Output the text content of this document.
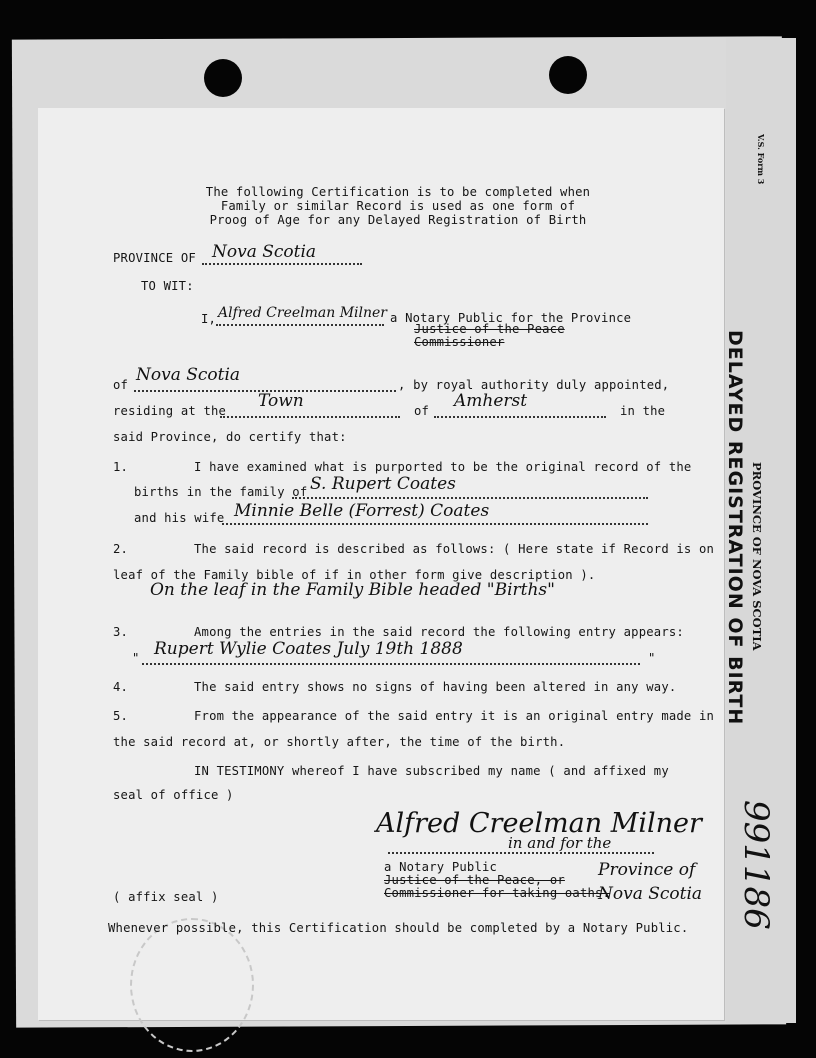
V.S. Form 3
PROVINCE OF NOVA SCOTIA
DELAYED REGISTRATION OF BIRTH
991186
The following Certification is to be completed when
Family or similar Record is used as one form of
Proog of Age for any Delayed Registration of Birth
PROVINCE OF Nova Scotia
TO WIT:
I, Alfred Creelman Milner a Notary Public for the Province
Justice of the Peace
Commissioner
of Nova Scotia	, by royal authority duly appointed,
residing at the Town	of Amherst	in the
said Province, do certify that:
1.	I have examined what is purported to be the original record of the
births in the family of S. Rupert Coates
and his wife Minnie Belle (Forrest) Coates
2.	The said record is described as follows: ( Here state if Record is on
leaf of the Family bible of if in other form give description ).
On the leaf in the Family Bible headed "Births"
3.	Among the entries in the said record the following entry appears:
" Rupert Wylie Coates July 19th 1888	"
4.	The said entry shows no signs of having been altered in any way.
5.	From the appearance of the said entry it is an original entry made in
the said record at, or shortly after, the time of the birth.
IN TESTIMONY whereof I have subscribed my name ( and affixed my
seal of office )
Alfred Creelman Milner
a Notary Public
Justice of the Peace, or
Commissioner for taking oaths.
in and for the
Province of
Nova Scotia
( affix seal )
Whenever possible, this Certification should be completed by a Notary Public.
